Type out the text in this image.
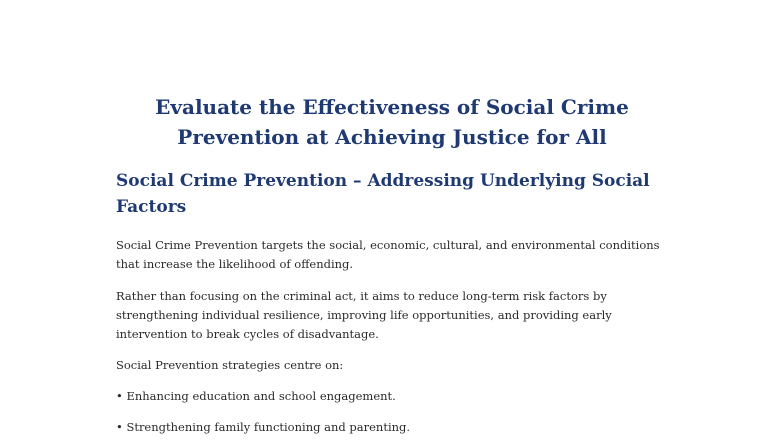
Evaluate the Effectiveness of Social Crime
Prevention at Achieving Justice for All
Social Crime Prevention – Addressing Underlying Social
Factors
Social Crime Prevention targets the social, economic, cultural, and environmental conditions
that increase the likelihood of offending.
Rather than focusing on the criminal act, it aims to reduce long-term risk factors by
strengthening individual resilience, improving life opportunities, and providing early
intervention to break cycles of disadvantage.
Social Prevention strategies centre on:
• Enhancing education and school engagement.
• Strengthening family functioning and parenting.
